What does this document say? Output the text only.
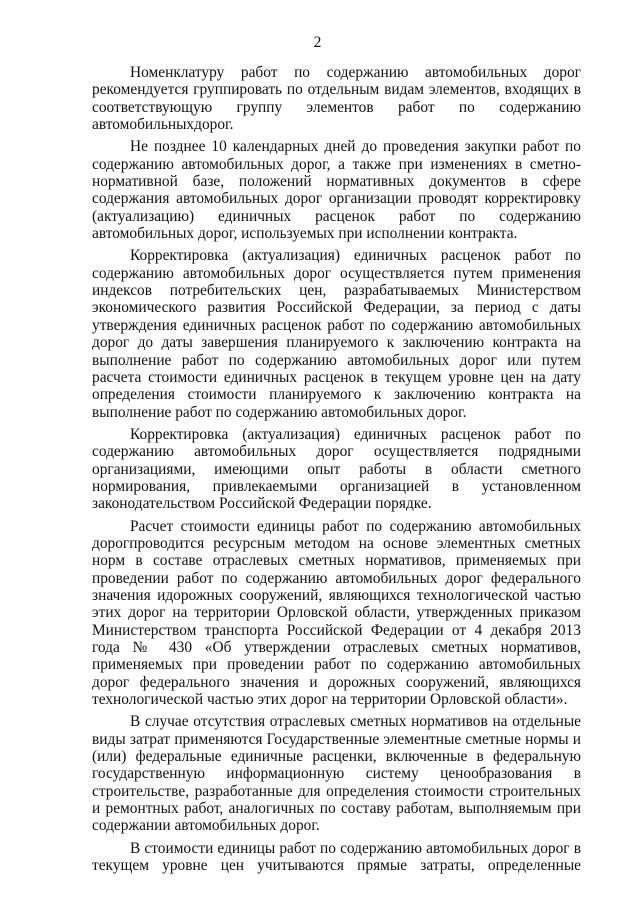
2

Номенклатуру работ по содержанию автомобильных дорог рекомендуется группировать по отдельным видам элементов, входящих в соответствующую группу элементов работ по содержанию автомобильныхдорог.

Не позднее 10 календарных дней до проведения закупки работ по содержанию автомобильных дорог, а также при изменениях в сметно- нормативной базе, положений нормативных документов в сфере содержания автомобильных дорог организации проводят корректировку (актуализацию) единичных расценок работ по содержанию автомобильных дорог, используемых при исполнении контракта.

Корректировка (актуализация) единичных расценок работ по содержанию автомобильных дорог осуществляется путем применения индексов потребительских цен, разрабатываемых Министерством экономического развития Российской Федерации, за период с даты утверждения единичных расценок работ по содержанию автомобильных дорог до даты завершения планируемого к заключению контракта на выполнение работ по содержанию автомобильных дорог или путем расчета стоимости единичных расценок в текущем уровне цен на дату определения стоимости планируемого к заключению контракта на выполнение работ по содержанию автомобильных дорог.

Корректировка (актуализация) единичных расценок работ по содержанию автомобильных дорог осуществляется подрядными организациями, имеющими опыт работы в области сметного нормирования, привлекаемыми организацией в установленном законодательством Российской Федерации порядке.

Расчет стоимости единицы работ по содержанию автомобильных дорогпроводится ресурсным методом на основе элементных сметных норм в составе отраслевых сметных нормативов, применяемых при проведении работ по содержанию автомобильных дорог федерального значения идорожных сооружений, являющихся технологической частью этих дорог на территории Орловской области, утвержденных приказом Министерством транспорта Российской Федерации от 4 декабря 2013 года № 430 «Об утверждении отраслевых сметных нормативов, применяемых при проведении работ по содержанию автомобильных дорог федерального значения и дорожных сооружений, являющихся технологической частью этих дорог на территории Орловской области».

В случае отсутствия отраслевых сметных нормативов на отдельные виды затрат применяются Государственные элементные сметные нормы и (или) федеральные единичные расценки, включенные в федеральную государственную информационную систему ценообразования в строительстве, разработанные для определения стоимости строительных и ремонтных работ, аналогичных по составу работам, выполняемым при содержании автомобильных дорог.

В стоимости единицы работ по содержанию автомобильных дорог в текущем уровне цен учитываются прямые затраты, определенные
